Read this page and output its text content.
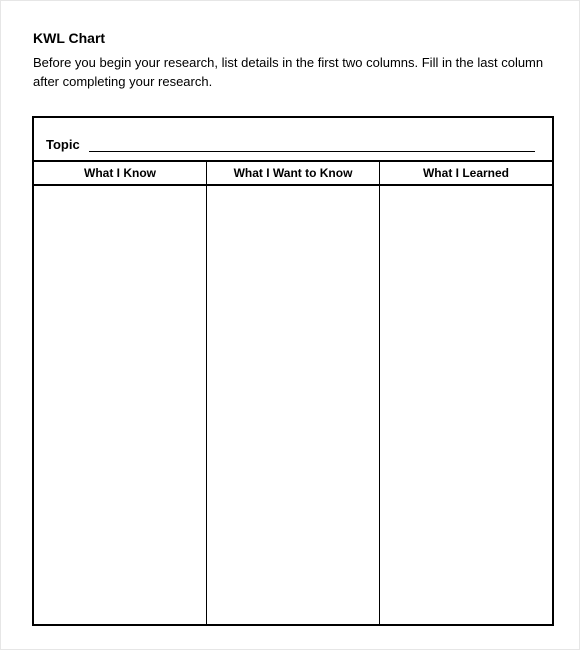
KWL Chart
Before you begin your research, list details in the first two columns. Fill in the last column after completing your research.
Topic
What I Know	What I Want to Know	What I Learned
